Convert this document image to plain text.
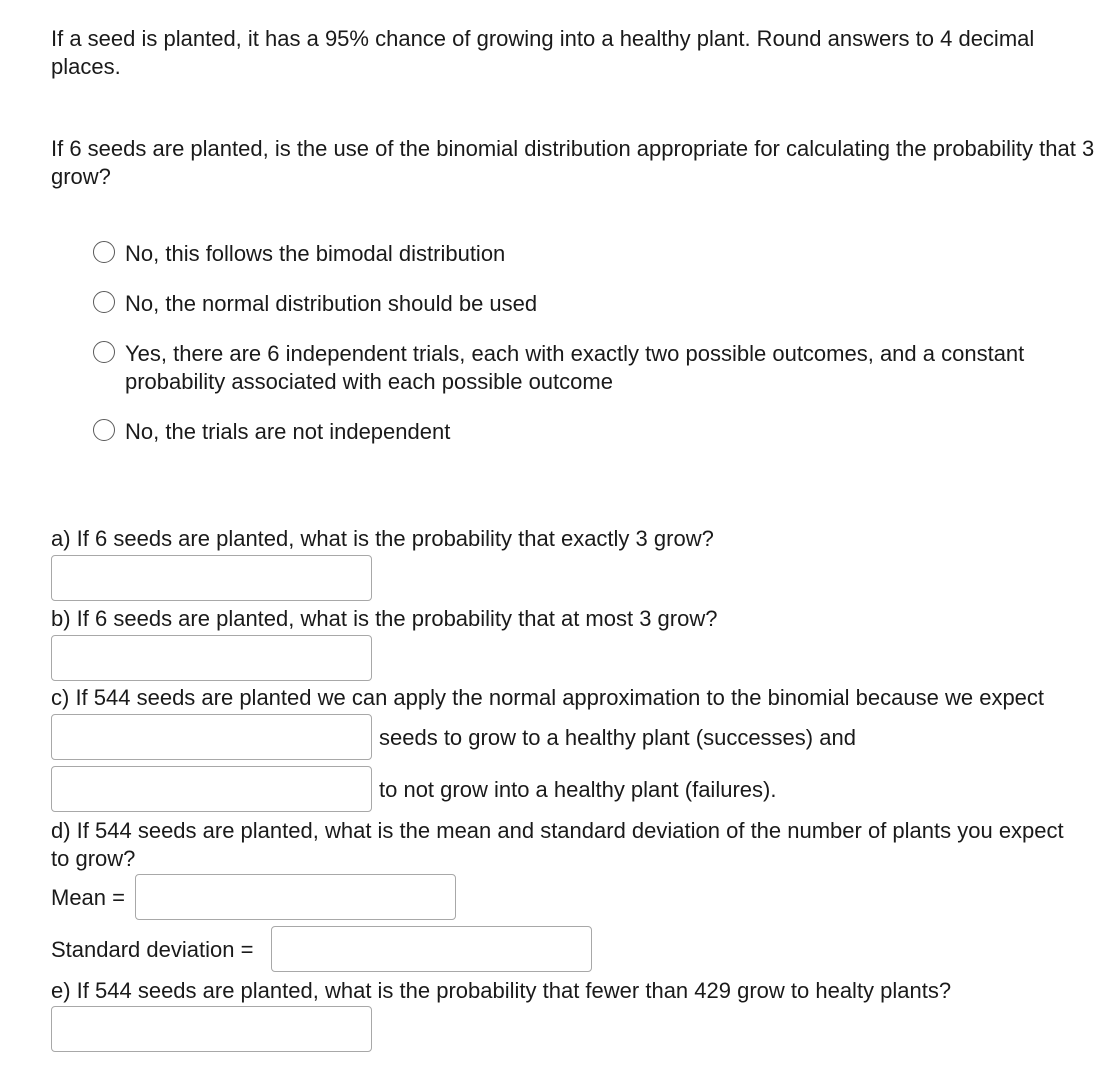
If a seed is planted, it has a 95% chance of growing into a healthy plant. Round answers to 4 decimal places.
If 6 seeds are planted, is the use of the binomial distribution appropriate for calculating the probability that 3 grow?
No, this follows the bimodal distribution
No, the normal distribution should be used
Yes, there are 6 independent trials, each with exactly two possible outcomes, and a constant probability associated with each possible outcome
No, the trials are not independent
a) If 6 seeds are planted, what is the probability that exactly 3 grow?
b) If 6 seeds are planted, what is the probability that at most 3 grow?
c) If 544 seeds are planted we can apply the normal approximation to the binomial because we expect
seeds to grow to a healthy plant (successes) and
to not grow into a healthy plant (failures).
d) If 544 seeds are planted, what is the mean and standard deviation of the number of plants you expect to grow?
Mean =
Standard deviation =
e) If 544 seeds are planted, what is the probability that fewer than 429 grow to healty plants?
